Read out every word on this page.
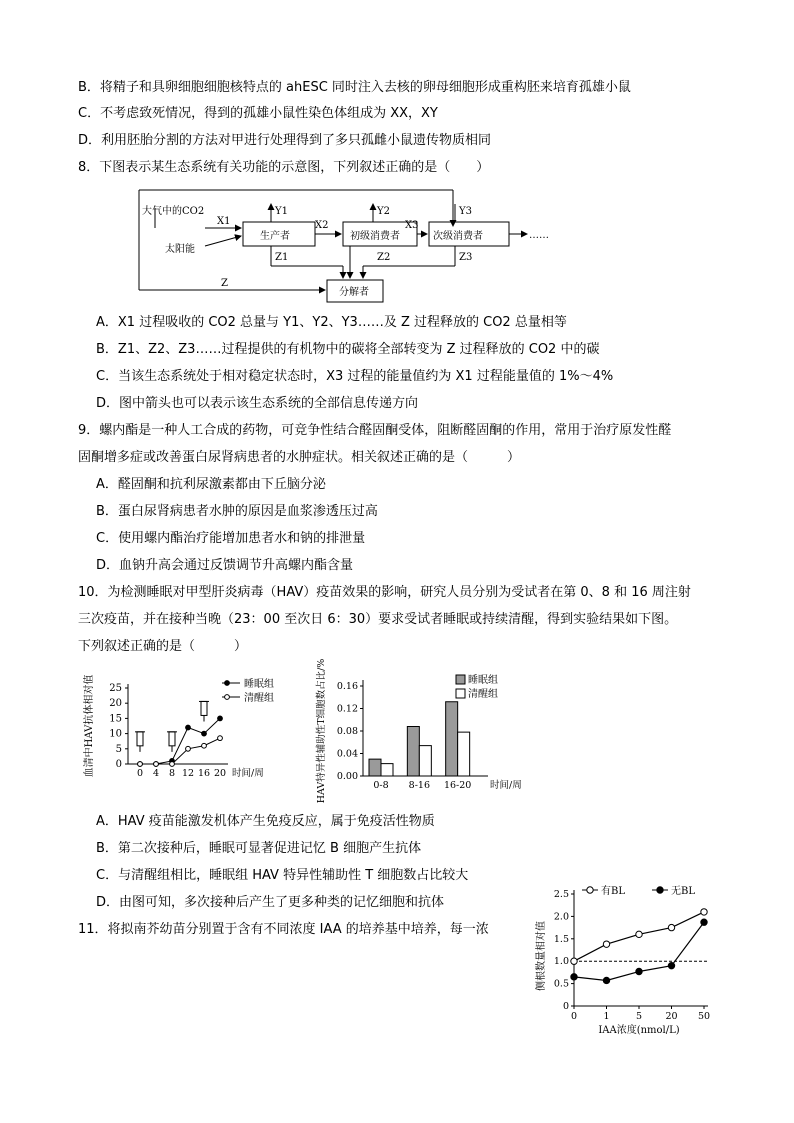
B．将精子和具卵细胞细胞核特点的 ahESC 同时注入去核的卵母细胞形成重构胚来培育孤雄小鼠
C．不考虑致死情况，得到的孤雄小鼠性染色体组成为 XX，XY
D．利用胚胎分割的方法对甲进行处理得到了多只孤雌小鼠遗传物质相同
8．下图表示某生态系统有关功能的示意图，下列叙述正确的是（　　）
大气中的CO2
太阳能
生产者	初级消费者	次级消费者
分解者
X1	X2	X3
Y1	Y2	Y3
Z1	Z2	Z3
Z
……
A．X1 过程吸收的 CO2 总量与 Y1、Y2、Y3……及 Z 过程释放的 CO2 总量相等
B．Z1、Z2、Z3……过程提供的有机物中的碳将全部转变为 Z 过程释放的 CO2 中的碳
C．当该生态系统处于相对稳定状态时，X3 过程的能量值约为 X1 过程能量值的 1%～4%
D．图中箭头也可以表示该生态系统的全部信息传递方向
9．螺内酯是一种人工合成的药物，可竞争性结合醛固酮受体，阻断醛固酮的作用，常用于治疗原发性醛
固酮增多症或改善蛋白尿肾病患者的水肿症状。相关叙述正确的是（　　　）
A．醛固酮和抗利尿激素都由下丘脑分泌
B．蛋白尿肾病患者水肿的原因是血浆渗透压过高
C．使用螺内酯治疗能增加患者水和钠的排泄量
D．血钠升高会通过反馈调节升高螺内酯含量
10．为检测睡眠对甲型肝炎病毒（HAV）疫苗效果的影响，研究人员分别为受试者在第 0、8 和 16 周注射
三次疫苗，并在接种当晚（23：00 至次日 6：30）要求受试者睡眠或持续清醒，得到实验结果如下图。
下列叙述正确的是（　　　）
0
5
10
15
20
25
0 4 8 12 16 20 时间/周
血清中HAV抗体相对值	睡眠组
清醒组
0.00
0.04
0.08
0.12
0.16
0-8 8-16 16-20 时间/周
HAV特异性辅助性T细胞数占比/%	睡眠组
清醒组
A．HAV 疫苗能激发机体产生免疫反应，属于免疫活性物质
B．第二次接种后，睡眠可显著促进记忆 B 细胞产生抗体
C．与清醒组相比，睡眠组 HAV 特异性辅助性 T 细胞数占比较大
D．由图可知，多次接种后产生了更多种类的记忆细胞和抗体
11．将拟南芥幼苗分别置于含有不同浓度 IAA 的培养基中培养，每一浓
0
0.5
1.0
1.5
2.0
2.5
0	1	5 20 50
IAA浓度(nmol/L)
侧根数量相对值
有BL	无BL
